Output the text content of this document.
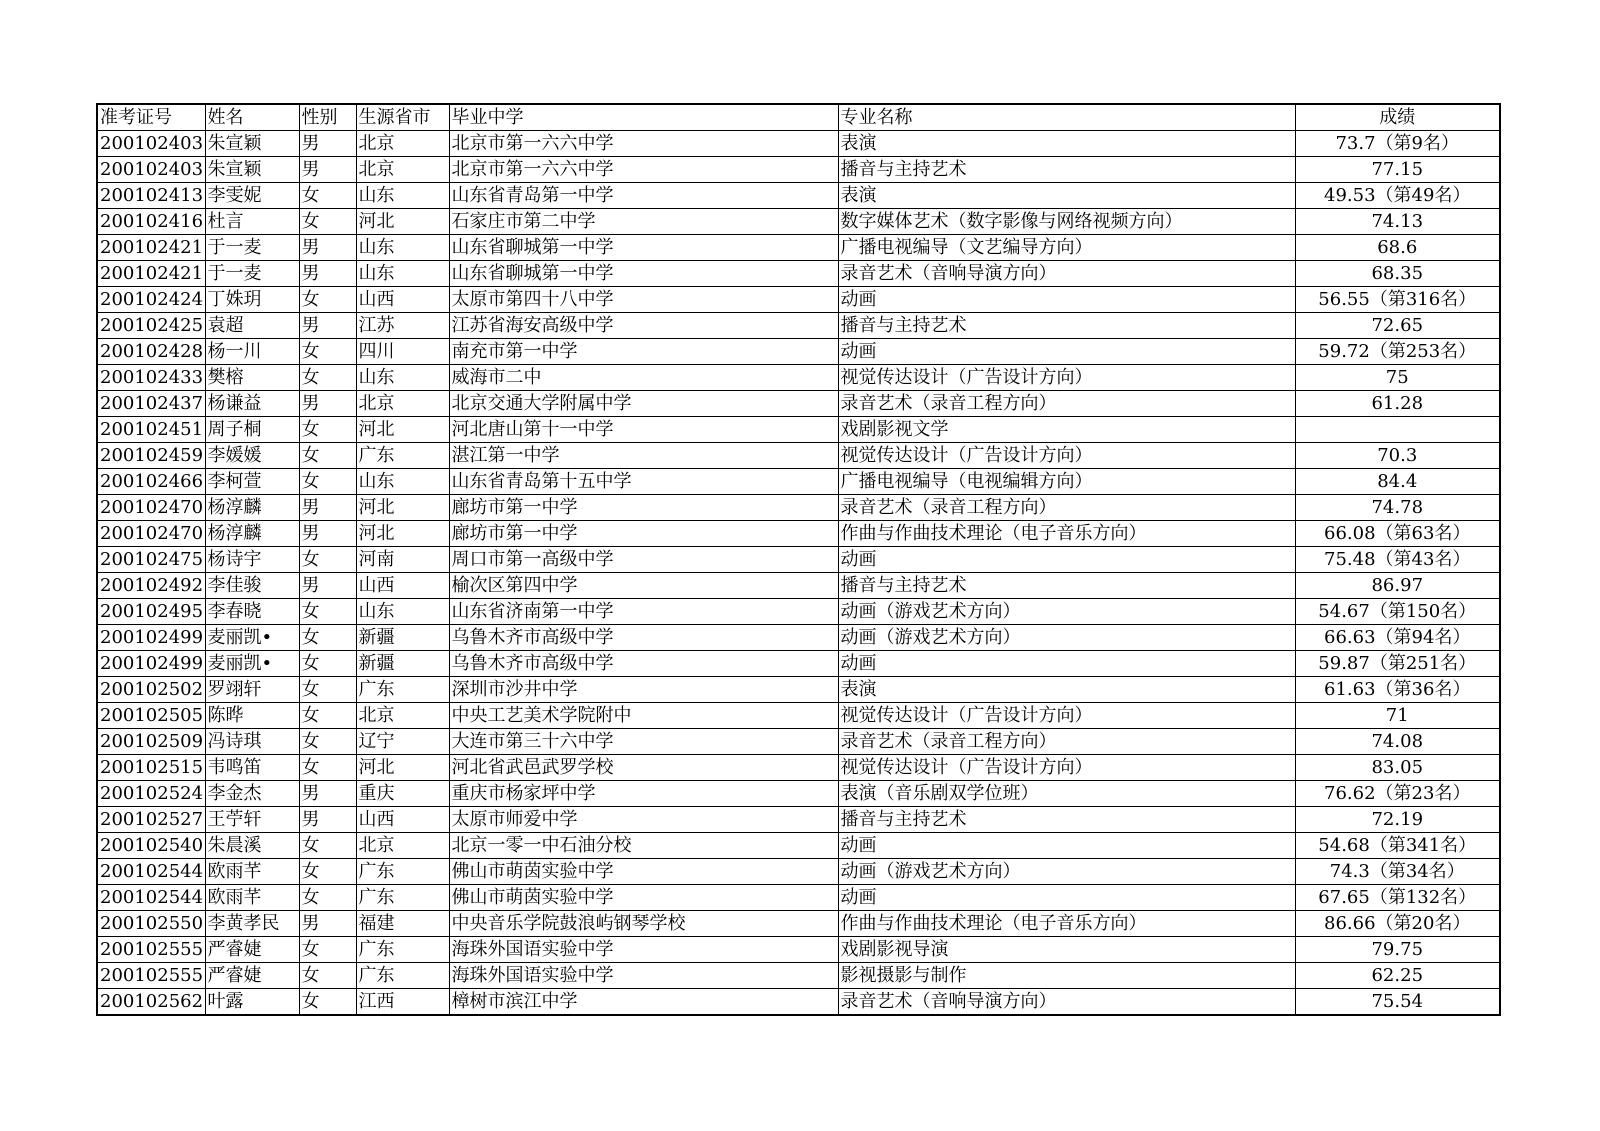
准考证号	姓名	性别	生源省市	毕业中学	专业名称	成绩
200102403	朱宣颖	男	北京	北京市第一六六中学	表演	73.7（第9名）
200102403	朱宣颖	男	北京	北京市第一六六中学	播音与主持艺术	77.15
200102413	李雯妮	女	山东	山东省青岛第一中学	表演	49.53（第49名）
200102416	杜言	女	河北	石家庄市第二中学	数字媒体艺术（数字影像与网络视频方向）	74.13
200102421	于一麦	男	山东	山东省聊城第一中学	广播电视编导（文艺编导方向）	68.6
200102421	于一麦	男	山东	山东省聊城第一中学	录音艺术（音响导演方向）	68.35
200102424	丁姝玥	女	山西	太原市第四十八中学	动画	56.55（第316名）
200102425	袁超	男	江苏	江苏省海安高级中学	播音与主持艺术	72.65
200102428	杨一川	女	四川	南充市第一中学	动画	59.72（第253名）
200102433	樊榕	女	山东	威海市二中	视觉传达设计（广告设计方向）	75
200102437	杨谦益	男	北京	北京交通大学附属中学	录音艺术（录音工程方向）	61.28
200102451	周子桐	女	河北	河北唐山第十一中学	戏剧影视文学	
200102459	李媛媛	女	广东	湛江第一中学	视觉传达设计（广告设计方向）	70.3
200102466	李柯萱	女	山东	山东省青岛第十五中学	广播电视编导（电视编辑方向）	84.4
200102470	杨淳麟	男	河北	廊坊市第一中学	录音艺术（录音工程方向）	74.78
200102470	杨淳麟	男	河北	廊坊市第一中学	作曲与作曲技术理论（电子音乐方向）	66.08（第63名）
200102475	杨诗宇	女	河南	周口市第一高级中学	动画	75.48（第43名）
200102492	李佳骏	男	山西	榆次区第四中学	播音与主持艺术	86.97
200102495	李春晓	女	山东	山东省济南第一中学	动画（游戏艺术方向）	54.67（第150名）
200102499	麦丽凯•	女	新疆	乌鲁木齐市高级中学	动画（游戏艺术方向）	66.63（第94名）
200102499	麦丽凯•	女	新疆	乌鲁木齐市高级中学	动画	59.87（第251名）
200102502	罗翊轩	女	广东	深圳市沙井中学	表演	61.63（第36名）
200102505	陈晔	女	北京	中央工艺美术学院附中	视觉传达设计（广告设计方向）	71
200102509	冯诗琪	女	辽宁	大连市第三十六中学	录音艺术（录音工程方向）	74.08
200102515	韦鸣笛	女	河北	河北省武邑武罗学校	视觉传达设计（广告设计方向）	83.05
200102524	李金杰	男	重庆	重庆市杨家坪中学	表演（音乐剧双学位班）	76.62（第23名）
200102527	王苧轩	男	山西	太原市师爱中学	播音与主持艺术	72.19
200102540	朱晨溪	女	北京	北京一零一中石油分校	动画	54.68（第341名）
200102544	欧雨芊	女	广东	佛山市萌茵实验中学	动画（游戏艺术方向）	74.3（第34名）
200102544	欧雨芊	女	广东	佛山市萌茵实验中学	动画	67.65（第132名）
200102550	李黄孝民	男	福建	中央音乐学院鼓浪屿钢琴学校	作曲与作曲技术理论（电子音乐方向）	86.66（第20名）
200102555	严睿婕	女	广东	海珠外国语实验中学	戏剧影视导演	79.75
200102555	严睿婕	女	广东	海珠外国语实验中学	影视摄影与制作	62.25
200102562	叶露	女	江西	樟树市滨江中学	录音艺术（音响导演方向）	75.54
